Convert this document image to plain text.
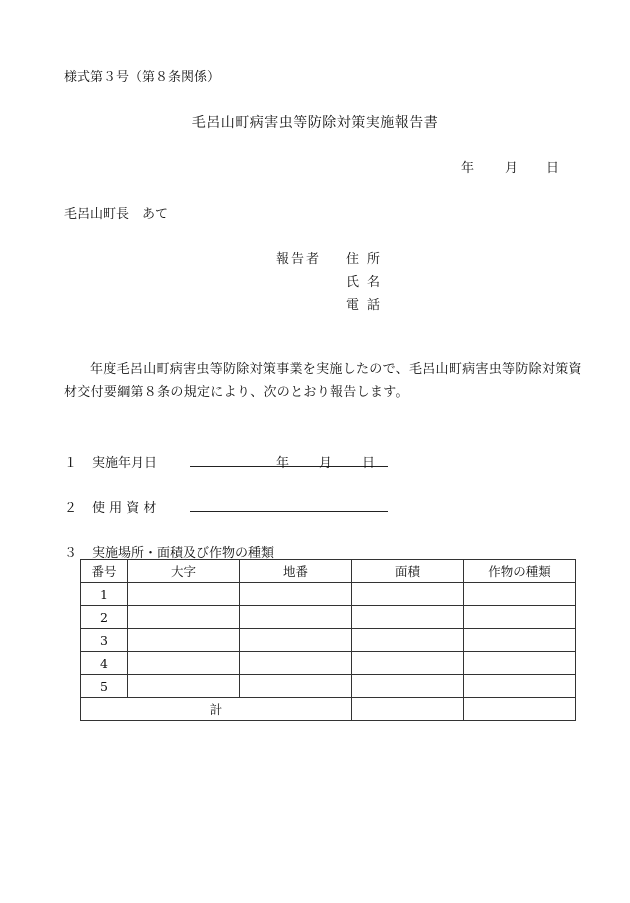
様式第３号（第８条関係）
毛呂山町病害虫等防除対策実施報告書
年 月 日
毛呂山町長　あて
報告者 住所
氏名
電話
年度毛呂山町病害虫等防除対策事業を実施したので、毛呂山町病害虫等防除対策資材交付要綱第８条の規定により、次のとおり報告します。
１ 実施年月日	年 月 日
２ 使 用 資 材
３ 実施場所・面積及び作物の種類
番号	大字	地番	面積	作物の種類
1				
2				
3				
4				
5				
計				
